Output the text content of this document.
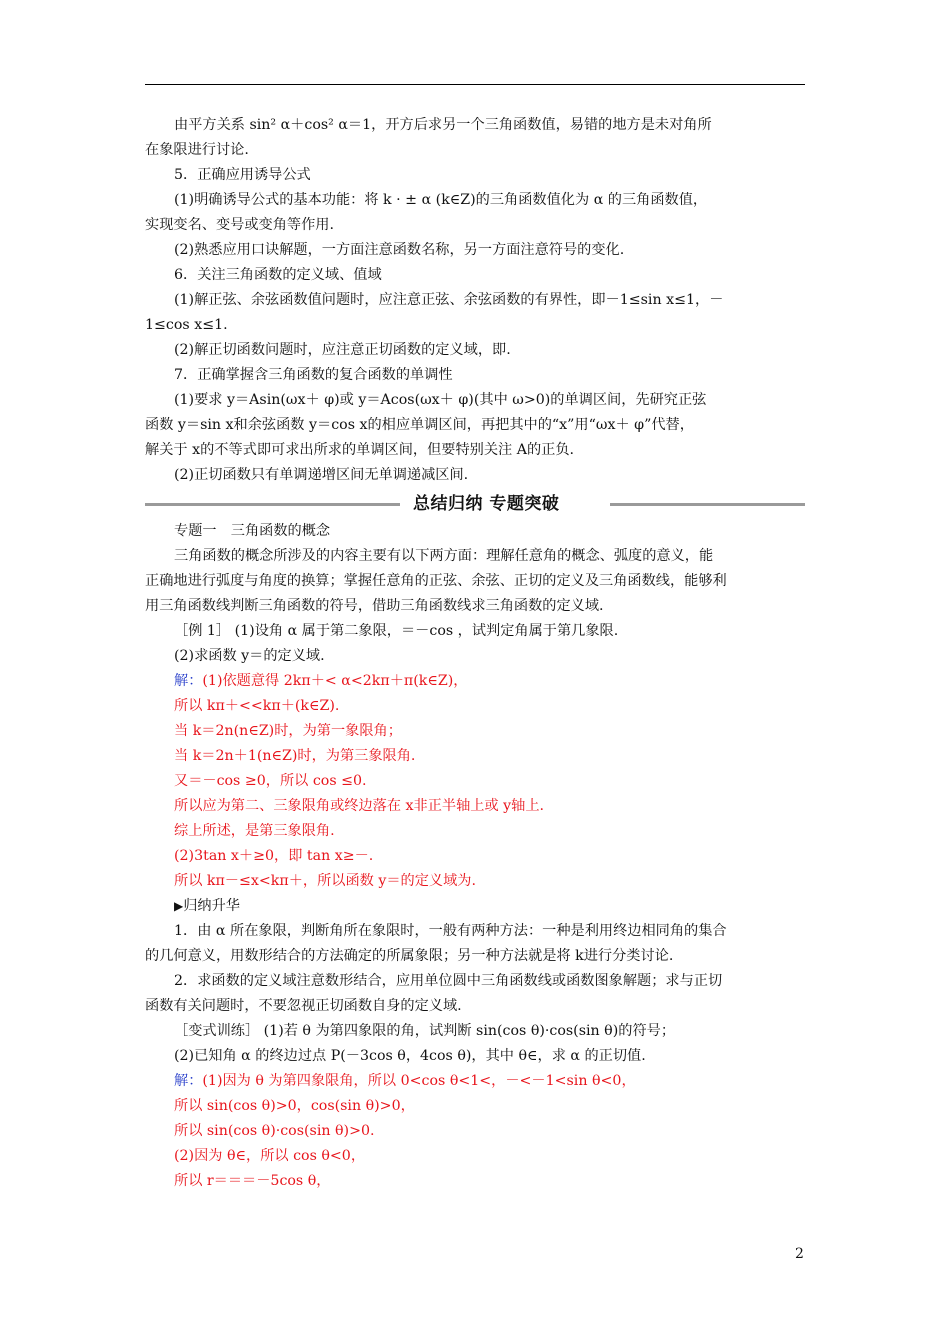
由平方关系 sin² α＋cos² α＝1，开方后求另一个三角函数值，易错的地方是未对角所
在象限进行讨论.
5．正确应用诱导公式
(1)明确诱导公式的基本功能：将 k · ± α (k∈Z)的三角函数值化为 α 的三角函数值，
实现变名、变号或变角等作用.
(2)熟悉应用口诀解题，一方面注意函数名称，另一方面注意符号的变化.
6．关注三角函数的定义域、值域
(1)解正弦、余弦函数值问题时，应注意正弦、余弦函数的有界性，即－1≤sin x≤1，－
1≤cos x≤1.
(2)解正切函数问题时，应注意正切函数的定义域，即.
7．正确掌握含三角函数的复合函数的单调性
(1)要求 y＝Asin(ωx＋ φ)或 y＝Acos(ωx＋ φ)(其中 ω>0)的单调区间，先研究正弦
函数 y＝sin x和余弦函数 y＝cos x的相应单调区间，再把其中的“x”用“ωx＋ φ”代替，
解关于 x的不等式即可求出所求的单调区间，但要特别关注 A的正负.
(2)正切函数只有单调递增区间无单调递减区间.
总结归纳 专题突破
专题一　三角函数的概念
三角函数的概念所涉及的内容主要有以下两方面：理解任意角的概念、弧度的意义，能
正确地进行弧度与角度的换算；掌握任意角的正弦、余弦、正切的定义及三角函数线，能够利
用三角函数线判断三角函数的符号，借助三角函数线求三角函数的定义域.
［例 1］ (1)设角 α 属于第二象限，＝－cos ，试判定角属于第几象限.
(2)求函数 y＝的定义域.
解：(1)依题意得 2kπ＋< α<2kπ＋π(k∈Z)，
所以 kπ＋<<kπ＋(k∈Z).
当 k＝2n(n∈Z)时，为第一象限角；
当 k＝2n＋1(n∈Z)时，为第三象限角.
又＝－cos ≥0，所以 cos ≤0.
所以应为第二、三象限角或终边落在 x非正半轴上或 y轴上.
综上所述，是第三象限角.
(2)3tan x＋≥0，即 tan x≥－.
所以 kπ－≤x<kπ＋，所以函数 y＝的定义域为.
▶归纳升华
1．由 α 所在象限，判断角所在象限时，一般有两种方法：一种是利用终边相同角的集合
的几何意义，用数形结合的方法确定的所属象限；另一种方法就是将 k进行分类讨论.
2．求函数的定义域注意数形结合，应用单位圆中三角函数线或函数图象解题；求与正切
函数有关问题时，不要忽视正切函数自身的定义域.
［变式训练］ (1)若 θ 为第四象限的角，试判断 sin(cos θ)·cos(sin θ)的符号；
(2)已知角 α 的终边过点 P(－3cos θ，4cos θ)，其中 θ∈，求 α 的正切值.
解：(1)因为 θ 为第四象限角，所以 0<cos θ<1<，－<－1<sin θ<0，
所以 sin(cos θ)>0，cos(sin θ)>0，
所以 sin(cos θ)·cos(sin θ)>0.
(2)因为 θ∈，所以 cos θ<0，
所以 r＝＝＝－5cos θ，
2
